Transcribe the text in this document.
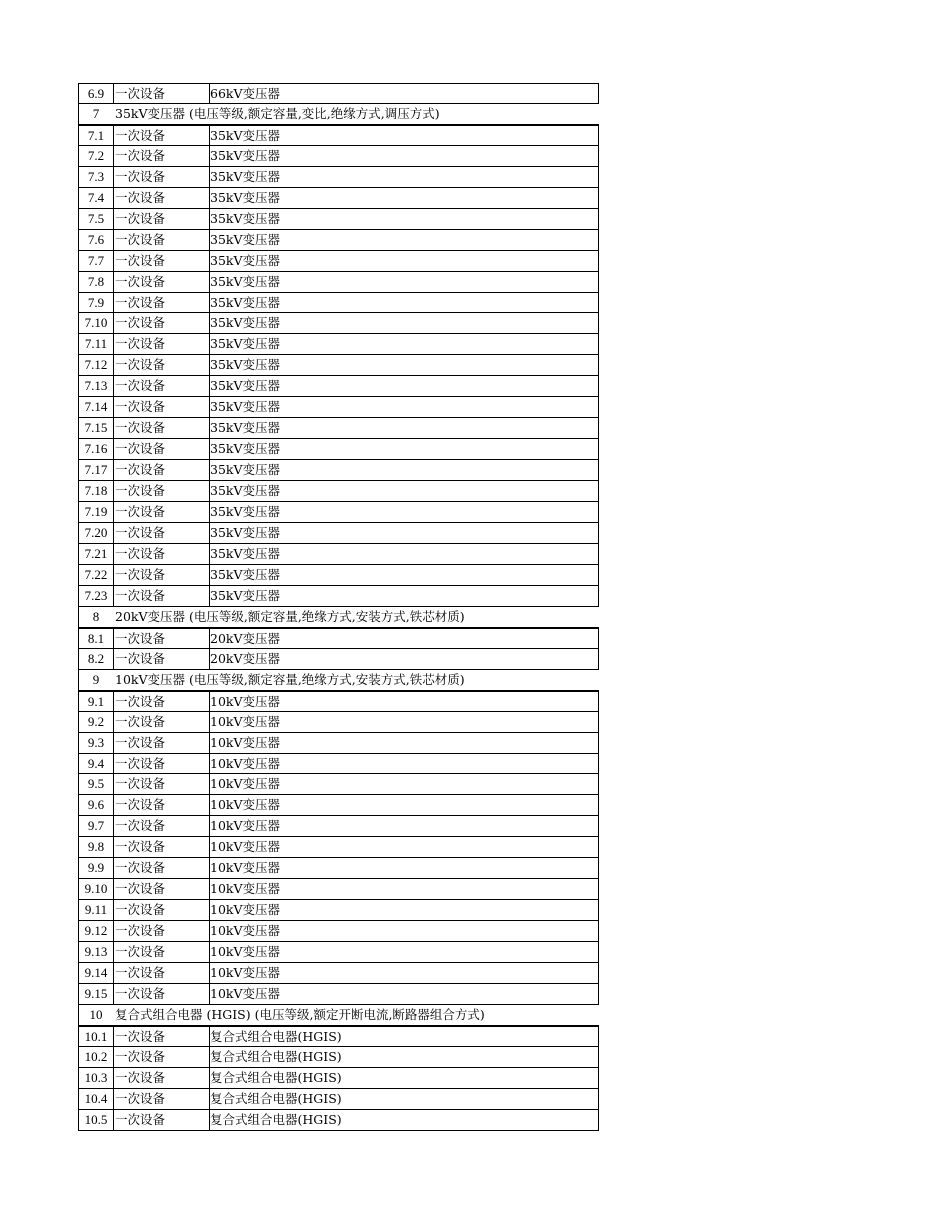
6.9 一次设备	66kV变压器
7	35kV变压器 (电压等级,额定容量,变比,绝缘方式,调压方式)
7.1 一次设备	35kV变压器
7.2 一次设备	35kV变压器
7.3 一次设备	35kV变压器
7.4 一次设备	35kV变压器
7.5 一次设备	35kV变压器
7.6 一次设备	35kV变压器
7.7 一次设备	35kV变压器
7.8 一次设备	35kV变压器
7.9 一次设备	35kV变压器
7.10 一次设备	35kV变压器
7.11 一次设备	35kV变压器
7.12 一次设备	35kV变压器
7.13 一次设备	35kV变压器
7.14 一次设备	35kV变压器
7.15 一次设备	35kV变压器
7.16 一次设备	35kV变压器
7.17 一次设备	35kV变压器
7.18 一次设备	35kV变压器
7.19 一次设备	35kV变压器
7.20 一次设备	35kV变压器
7.21 一次设备	35kV变压器
7.22 一次设备	35kV变压器
7.23 一次设备	35kV变压器
8	20kV变压器 (电压等级,额定容量,绝缘方式,安装方式,铁芯材质)
8.1 一次设备	20kV变压器
8.2 一次设备	20kV变压器
9	10kV变压器 (电压等级,额定容量,绝缘方式,安装方式,铁芯材质)
9.1 一次设备	10kV变压器
9.2 一次设备	10kV变压器
9.3 一次设备	10kV变压器
9.4 一次设备	10kV变压器
9.5 一次设备	10kV变压器
9.6 一次设备	10kV变压器
9.7 一次设备	10kV变压器
9.8 一次设备	10kV变压器
9.9 一次设备	10kV变压器
9.10 一次设备	10kV变压器
9.11 一次设备	10kV变压器
9.12 一次设备	10kV变压器
9.13 一次设备	10kV变压器
9.14 一次设备	10kV变压器
9.15 一次设备	10kV变压器
10	复合式组合电器 (HGIS) (电压等级,额定开断电流,断路器组合方式)
10.1 一次设备	复合式组合电器(HGIS)
10.2 一次设备	复合式组合电器(HGIS)
10.3 一次设备	复合式组合电器(HGIS)
10.4 一次设备	复合式组合电器(HGIS)
10.5 一次设备	复合式组合电器(HGIS)
